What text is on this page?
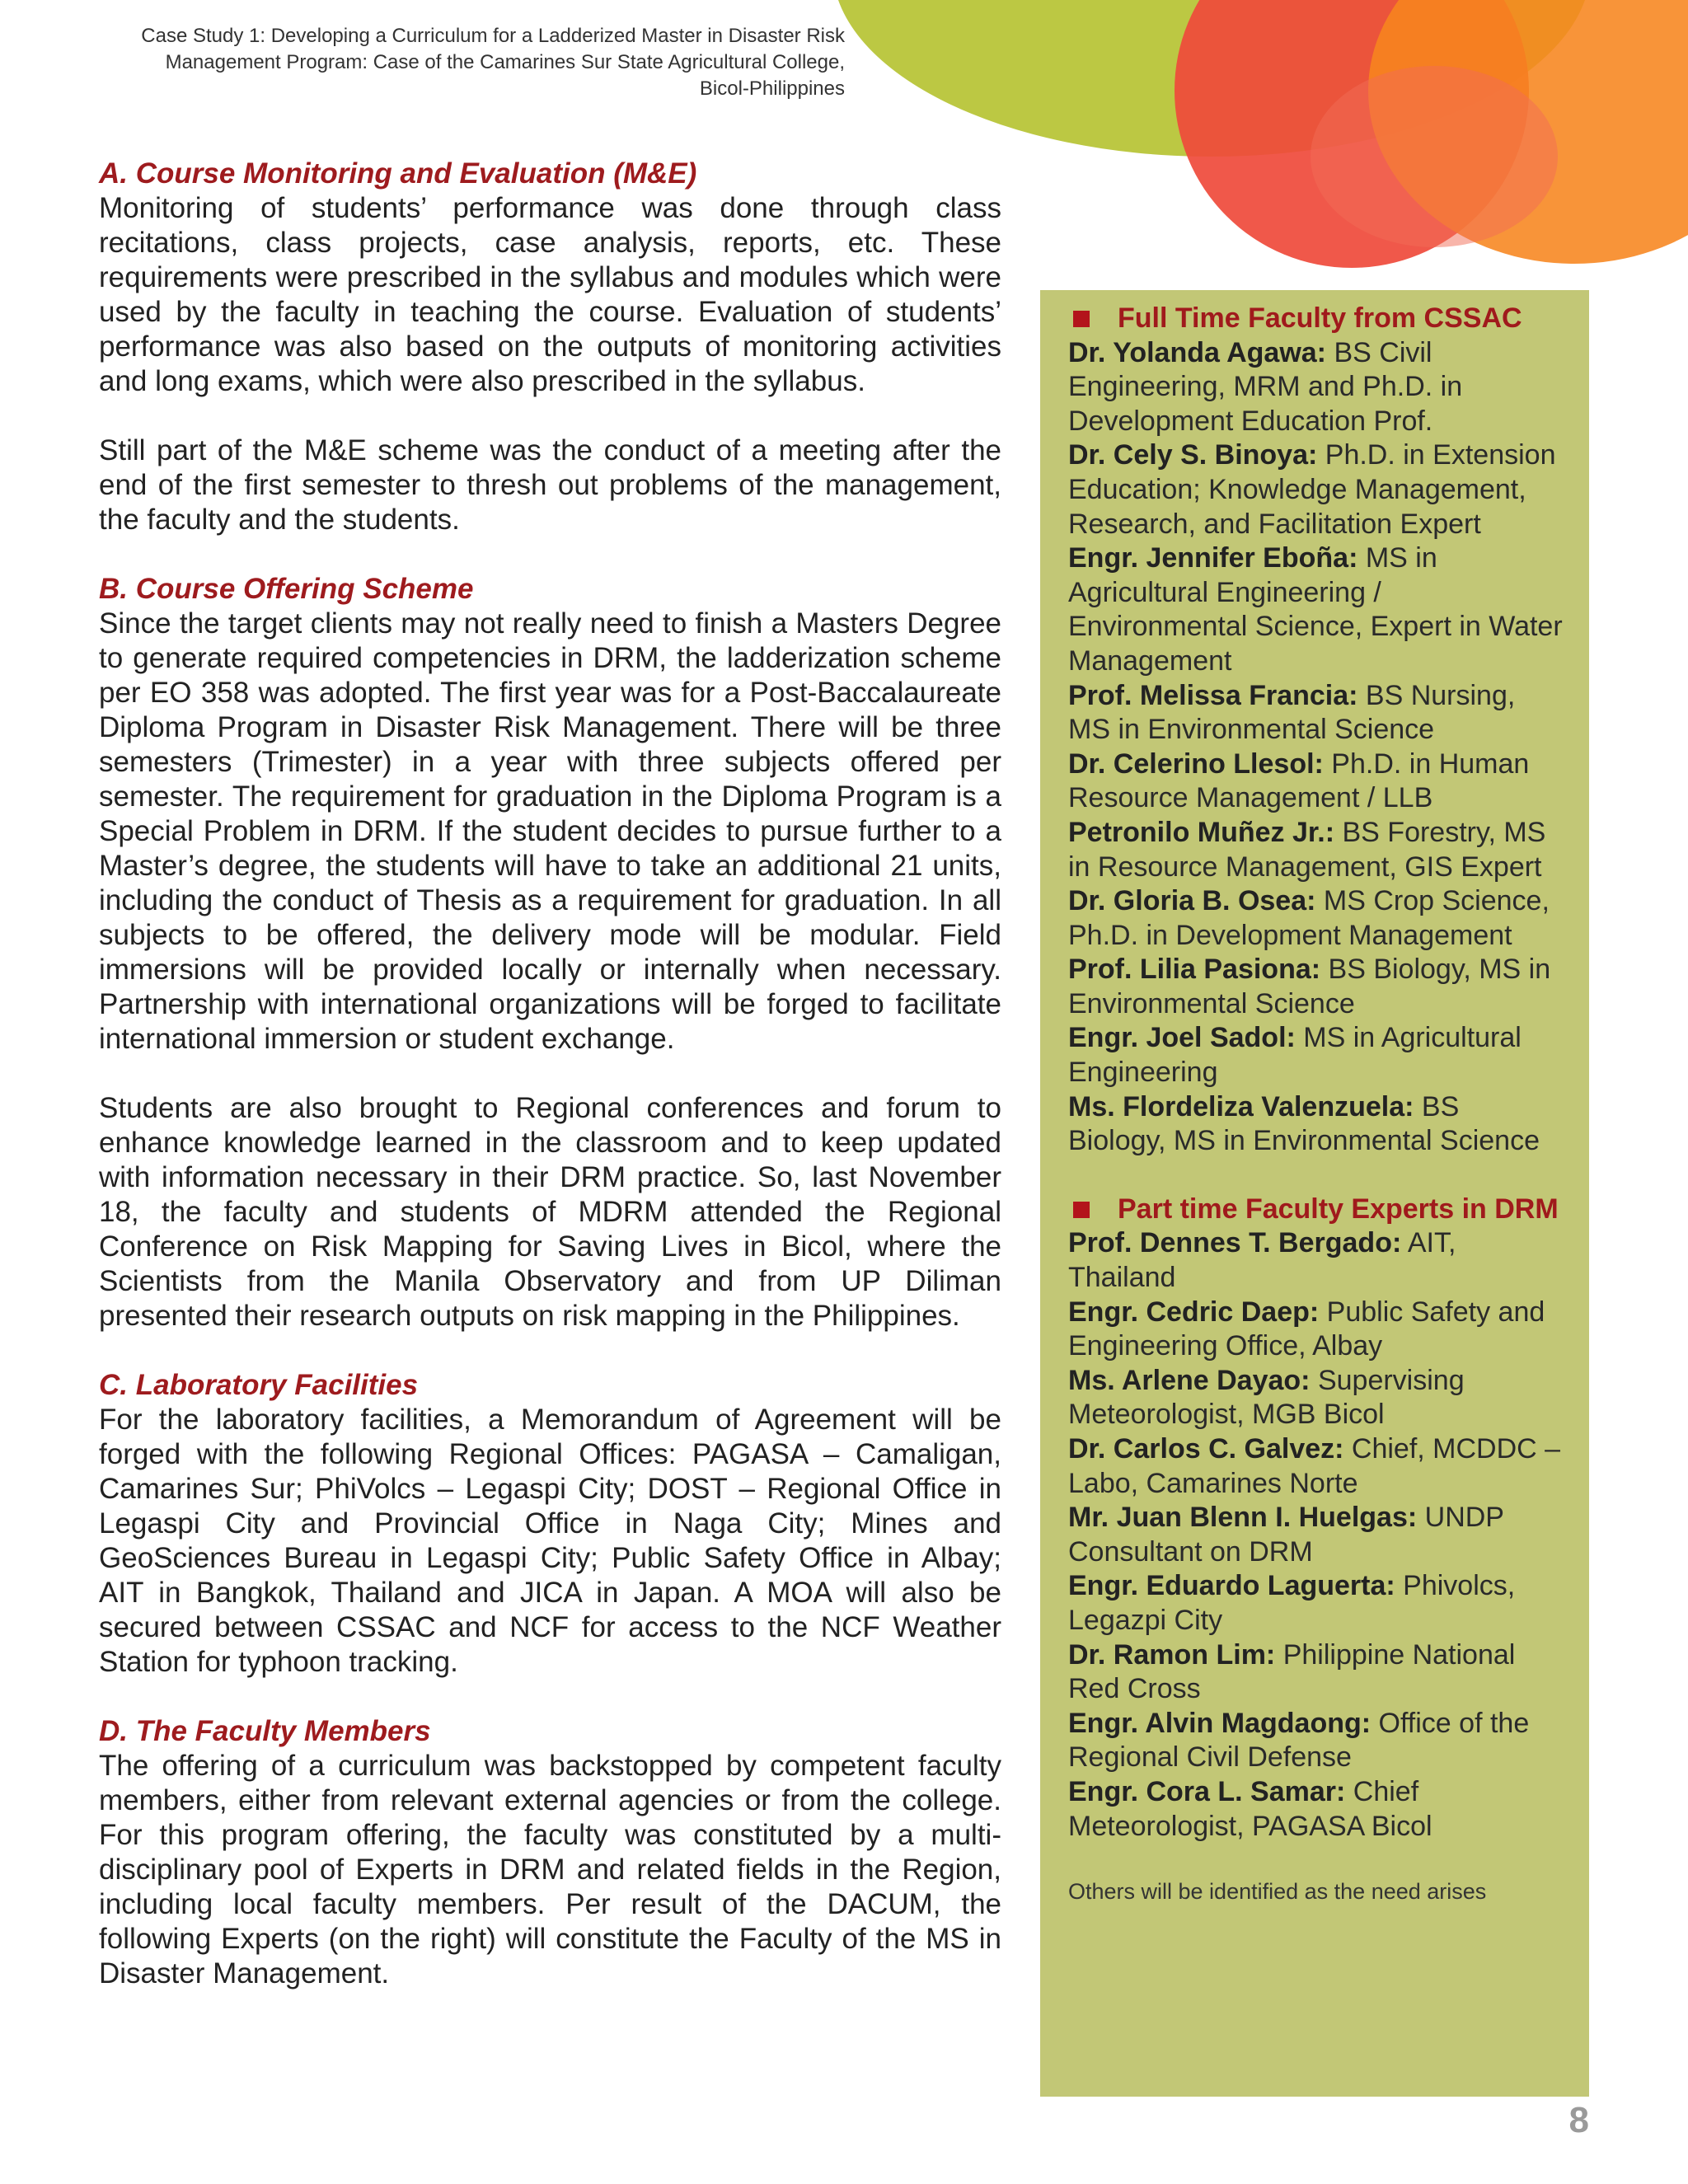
Case Study 1: Developing a Curriculum for a Ladderized Master in Disaster Risk
Management Program: Case of the Camarines Sur State Agricultural College,
Bicol-Philippines
A. Course Monitoring and Evaluation (M&E)

Monitoring of students’ performance was done through class recitations, class projects, case analysis, reports, etc. These requirements were prescribed in the syllabus and modules which were used by the faculty in teaching the course. Evaluation of students’ performance was also based on the outputs of monitoring activities and long exams, which were also prescribed in the syllabus.

Still part of the M&E scheme was the conduct of a meeting after the end of the first semester to thresh out problems of the management, the faculty and the students.

B. Course Offering Scheme

Since the target clients may not really need to finish a Masters Degree to generate required competencies in DRM, the ladderization scheme per EO 358 was adopted. The first year was for a Post-Baccalaureate Diploma Program in Disaster Risk Management. There will be three semesters (Trimester) in a year with three subjects offered per semester. The requirement for graduation in the Diploma Program is a Special Problem in DRM. If the student decides to pursue further to a Master’s degree, the students will have to take an additional 21 units, including the conduct of Thesis as a requirement for graduation. In all subjects to be offered, the delivery mode will be modular. Field immersions will be provided locally or internally when necessary. Partnership with international organizations will be forged to facilitate international immersion or student exchange.

Students are also brought to Regional conferences and forum to enhance knowledge learned in the classroom and to keep updated with information necessary in their DRM practice. So, last November 18, the faculty and students of MDRM attended the Regional Conference on Risk Mapping for Saving Lives in Bicol, where the Scientists from the Manila Observatory and from UP Diliman presented their research outputs on risk mapping in the Philippines.

C. Laboratory Facilities

For the laboratory facilities, a Memorandum of Agreement will be forged with the following Regional Offices: PAGASA – Camaligan, Camarines Sur; PhiVolcs – Legaspi City; DOST – Regional Office in Legaspi City and Provincial Office in Naga City; Mines and GeoSciences Bureau in Legaspi City; Public Safety Office in Albay; AIT in Bangkok, Thailand and JICA in Japan. A MOA will also be secured between CSSAC and NCF for access to the NCF Weather Station for typhoon tracking.

D. The Faculty Members

The offering of a curriculum was backstopped by competent faculty members, either from relevant external agencies or from the college. For this program offering, the faculty was constituted by a multi-disciplinary pool of Experts in DRM and related fields in the Region, including local faculty members. Per result of the DACUM, the following Experts (on the right) will constitute the Faculty of the MS in Disaster Management.

Full Time Faculty from CSSAC
Dr. Yolanda Agawa: BS Civil Engineering, MRM and Ph.D. in Development Education Prof.
Dr. Cely S. Binoya: Ph.D. in Extension Education; Knowledge Management, Research, and Facilitation Expert
Engr. Jennifer Eboña: MS in Agricultural Engineering / Environmental Science, Expert in Water Management
Prof. Melissa Francia: BS Nursing, MS in Environmental Science
Dr. Celerino Llesol: Ph.D. in Human Resource Management / LLB
Petronilo Muñez Jr.: BS Forestry, MS in Resource Management, GIS Expert
Dr. Gloria B. Osea: MS Crop Science, Ph.D. in Development Management
Prof. Lilia Pasiona: BS Biology, MS in Environmental Science
Engr. Joel Sadol: MS in Agricultural Engineering
Ms. Flordeliza Valenzuela: BS Biology, MS in Environmental Science
Part time Faculty Experts in DRM
Prof. Dennes T. Bergado: AIT, Thailand
Engr. Cedric Daep: Public Safety and Engineering Office, Albay
Ms. Arlene Dayao: Supervising Meteorologist, MGB Bicol
Dr. Carlos C. Galvez: Chief, MCDDC – Labo, Camarines Norte
Mr. Juan Blenn I. Huelgas: UNDP Consultant on DRM
Engr. Eduardo Laguerta: Phivolcs, Legazpi City
Dr. Ramon Lim: Philippine National Red Cross
Engr. Alvin Magdaong: Office of the Regional Civil Defense
Engr. Cora L. Samar: Chief Meteorologist, PAGASA Bicol
Others will be identified as the need arises
8
